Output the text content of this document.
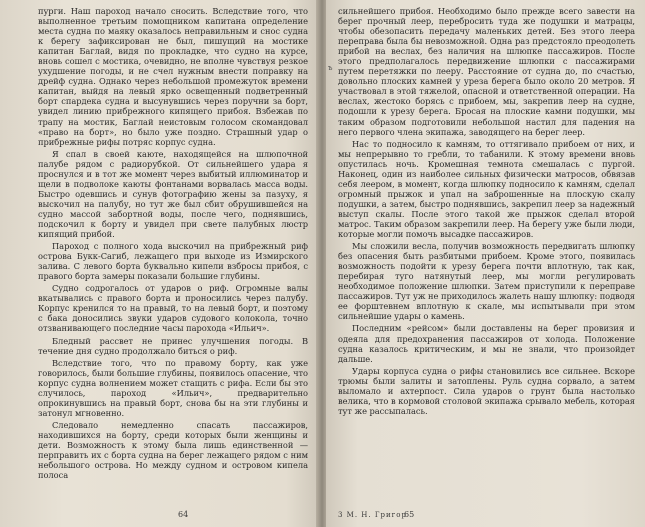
пурги. Наш пароход начало сносить. Вследствие того, что выполненное третьим помощником капитана определение места судна по маяку оказалось неправильным и снос судна к берегу зафиксирован не был, пишущий на мостике капитан Баглай, видя по прокладке, что судно на курсе, вновь сошел с мостика, очевидно, не вполне чувствуя резкое ухудшение погоды, и не счел нужным внести поправку на дрейф судна. Однако через небольшой промежуток времени капитан, выйдя на левый ярко освещенный подветренный борт спардека судна и высунувшись через поручни за борт, увидел линию прибрежного кипящего прибоя. Взбежав по трапу на мостик, Баглай неистовым голосом скомандовал «право на борт», но было уже поздно. Страшный удар о прибрежные рифы потряс корпус судна.

Я спал в своей каюте, находящейся на шлюпочной палубе рядом с радиорубкой. От сильнейшего удара я проснулся и в тот же момент через выбитый иллюминатор и щели в подволоке каюты фонтанами ворвалась масса воды. Быстро одевшись и сунув фотографию жены за пазуху, я выскочил на палубу, но тут же был сбит обрушившейся на судно массой забортной воды, после чего, поднявшись, подскочил к борту и увидел при свете палубных люстр кипящий прибой.

Пароход с полного хода выскочил на прибрежный риф острова Букк-Сагиб, лежащего при выходе из Измирского залива. С левого борта буквально кипели взбросы прибоя, с правого борта замеры показали большие глубины.

Судно содрогалось от ударов о риф. Огромные валы вкатывались с правого борта и проносились через палубу. Корпус кренился то на правый, то на левый борт, и поэтому с бака доносились звуки ударов судового колокола, точно отзванивающего последние часы парохода «Ильич».

Бледный рассвет не принес улучшения погоды. В течение дня судно продолжало биться о риф.

Вследствие того, что по правому борту, как уже говорилось, были большие глубины, появилось опасение, что корпус судна волнением может стащить с рифа. Если бы это случилось, пароход «Ильич», предварительно опрокинувшись на правый борт, снова бы на эти глубины и затонул мгновенно.

Следовало немедленно спасать пассажиров, находившихся на борту, среди которых были женщины и дети. Возможность к этому была лишь единственной — перправить их с борта судна на берег лежащего рядом с ним небольшого острова. Но между судном и островом кипела полоса

64
ъ

сильнейшего прибоя. Необходимо было прежде всего завести на берег прочный леер, перебросить туда же подушки и матрацы, чтобы обезопасить передачу маленьких детей. Без этого леера переправа была бы невозможной. Одна раз предстояло преодолеть прибой на веслах, без наличия на шлюпке пассажиров. После этого предполагалось передвижение шлюпки с пассажирами путем перетяжки по лееру. Расстояние от судна до, по счастью, довольно плоских камней у уреза берега было около 20 метров. Я участвовал в этой тяжелой, опасной и ответственной операции. На веслах, жестоко борясь с прибоем, мы, закрепив леер на судне, подошли к урезу берега. Бросая на плоские камни подушки, мы таким образом подготовили небольшой настил для падения на него первого члена экипажа, заводящего на берег леер.

Нас то подносило к камням, то оттягивало прибоем от них, и мы непрерывно то гребли, то табанили. К этому времени вновь опустилась ночь. Кромешная темнота смешалась с пургой. Наконец, один из наиболее сильных физически матросов, обвязав себя леером, в момент, когда шлюпку подносило к камням, сделал огромный прыжок и упал на заброшенные на плоскую скалу подушки, а затем, быстро поднявшись, закрепил леер за надежный выступ скалы. После этого такой же прыжок сделал второй матрос. Таким образом закрепили леер. На берегу уже были люди, которые могли помочь высадке пассажиров.

Мы сложили весла, получив возможность передвигать шлюпку без опасения быть разбитыми прибоем. Кроме этого, появилась возможность подойти к урезу берега почти вплотную, так как, перебирая туго натянутый леер, мы могли регулировать необходимое положение шлюпки. Затем приступили к переправе пассажиров. Тут уж не приходилось жалеть нашу шлюпку: подводя ее форштевнем вплотную к скале, мы испытывали при этом сильнейшие удары о камень.

Последним «рейсом» были доставлены на берег провизия и одеяла для предохранения пассажиров от холода. Положение судна казалось критическим, и мы не знали, что произойдет дальше.

Удары корпуса судна о рифы становились все сильнее. Вскоре трюмы были залиты и затоплены. Руль судна сорвало, а затем выломало и ахтерпост. Сила ударов о грунт была настолько велика, что в кормовой столовой экипажа срывало мебель, которая тут же рассыпалась.

3 М. Н. Григор
65
